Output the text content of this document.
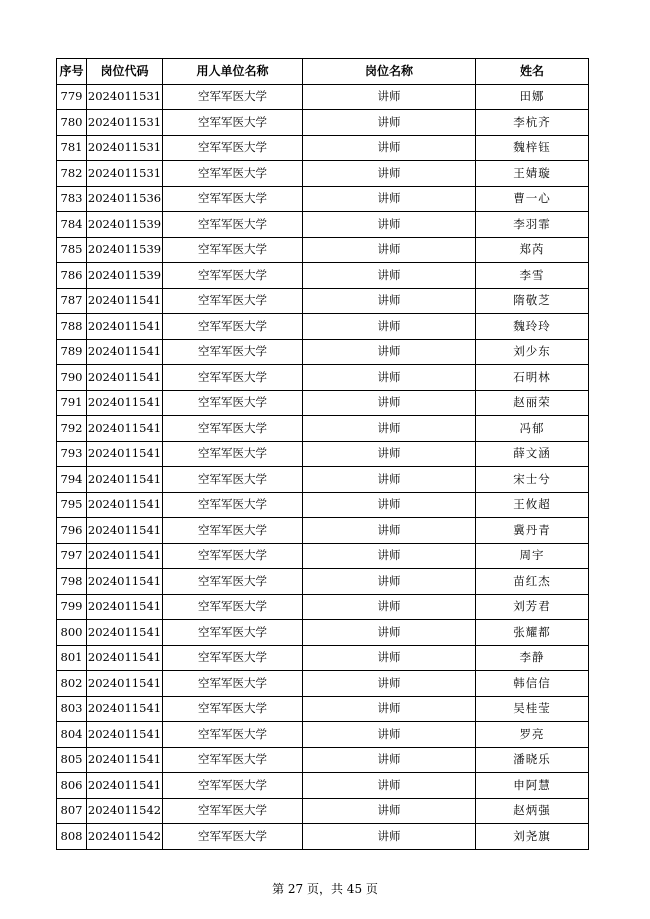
序号	岗位代码	用人单位名称	岗位名称	姓名
779	2024011531	空军军医大学	讲师	田娜
780	2024011531	空军军医大学	讲师	李杭齐
781	2024011531	空军军医大学	讲师	魏梓钰
782	2024011531	空军军医大学	讲师	王婧璇
783	2024011536	空军军医大学	讲师	曹一心
784	2024011539	空军军医大学	讲师	李羽霏
785	2024011539	空军军医大学	讲师	郑芮
786	2024011539	空军军医大学	讲师	李雪
787	2024011541	空军军医大学	讲师	隋敬芝
788	2024011541	空军军医大学	讲师	魏玲玲
789	2024011541	空军军医大学	讲师	刘少东
790	2024011541	空军军医大学	讲师	石明林
791	2024011541	空军军医大学	讲师	赵丽荣
792	2024011541	空军军医大学	讲师	冯郁
793	2024011541	空军军医大学	讲师	薛文涵
794	2024011541	空军军医大学	讲师	宋士兮
795	2024011541	空军军医大学	讲师	王攸超
796	2024011541	空军军医大学	讲师	冀丹青
797	2024011541	空军军医大学	讲师	周宇
798	2024011541	空军军医大学	讲师	苗红杰
799	2024011541	空军军医大学	讲师	刘芳君
800	2024011541	空军军医大学	讲师	张耀都
801	2024011541	空军军医大学	讲师	李静
802	2024011541	空军军医大学	讲师	韩信信
803	2024011541	空军军医大学	讲师	吴桂莹
804	2024011541	空军军医大学	讲师	罗亮
805	2024011541	空军军医大学	讲师	潘晓乐
806	2024011541	空军军医大学	讲师	申阿慧
807	2024011542	空军军医大学	讲师	赵炳强
808	2024011542	空军军医大学	讲师	刘尧旗
第 27 页，共 45 页
